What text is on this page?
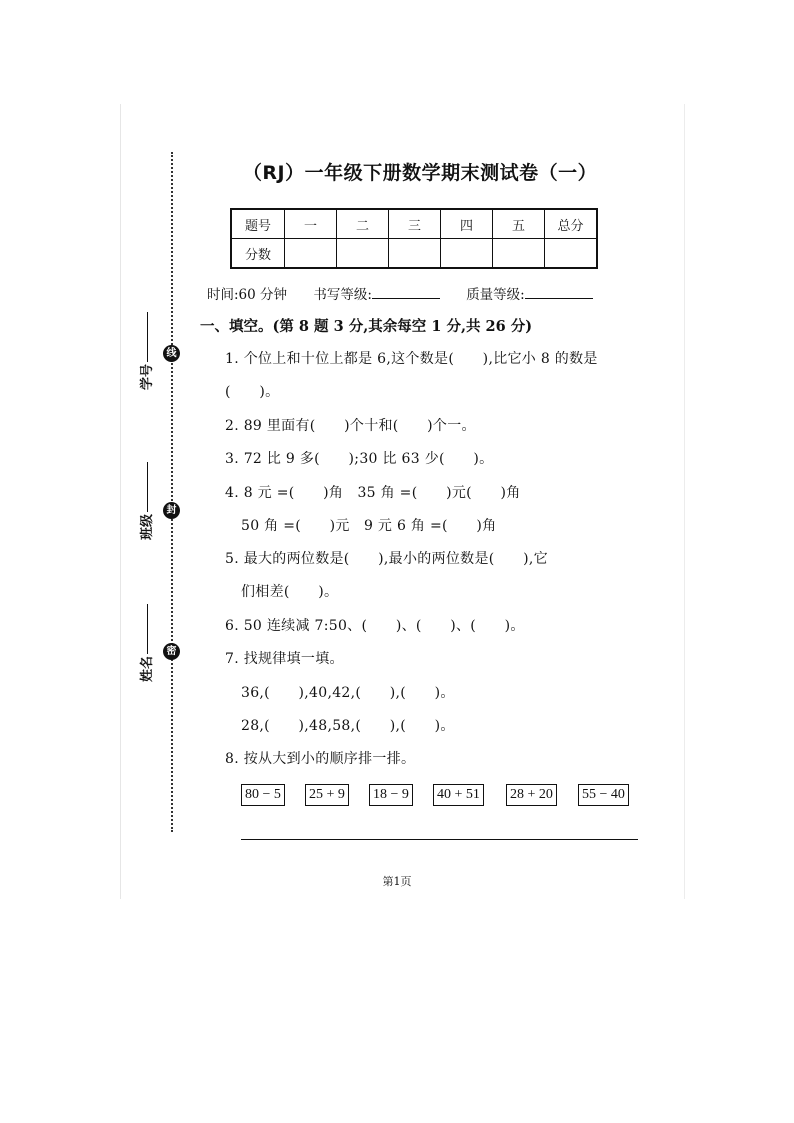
线
封
密
学号
班级
姓名
（RJ）一年级下册数学期末测试卷（一）
题号	一	二	三	四	五	总分
分数						
时间:60 分钟 书写等级:	质量等级:
一、填空。(第 8 题 3 分,其余每空 1 分,共 26 分)
1. 个位上和十位上都是 6,这个数是(　　),比它小 8 的数是
(　　)。
2. 89 里面有(　　)个十和(　　)个一。
3. 72 比 9 多(　　);30 比 63 少(　　)。
4. 8 元 =(　　)角　35 角 =(　　)元(　　)角
50 角 =(　　)元　9 元 6 角 =(　　)角
5. 最大的两位数是(　　),最小的两位数是(　　),它
们相差(　　)。
6. 50 连续减 7:50、(　　)、(　　)、(　　)。
7. 找规律填一填。
36,(　　),40,42,(　　),(　　)。
28,(　　),48,58,(　　),(　　)。
8. 按从大到小的顺序排一排。
80 − 5 25 + 9 18 − 9 40 + 51 28 + 20 55 − 40
第1页
